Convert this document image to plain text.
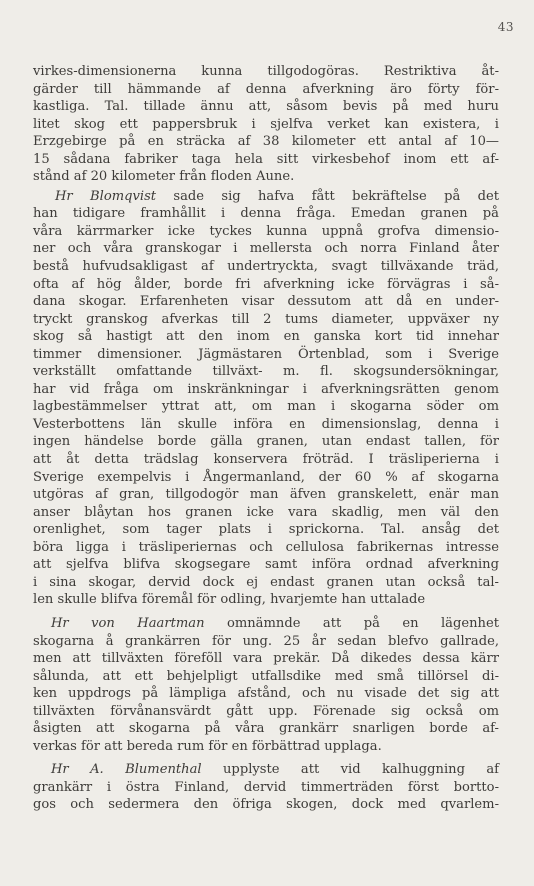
43
virkes-dimensionerna kunna tillgodogöras. Restriktiva åt-
gärder till hämmande af denna afverkning äro förty för-
kastliga. Tal. tillade ännu att, såsom bevis på med huru
litet skog ett pappersbruk i sjelfva verket kan existera, i
Erzgebirge på en sträcka af 38 kilometer ett antal af 10—
15 sådana fabriker taga hela sitt virkesbehof inom ett af-
stånd af 20 kilometer från floden Aune.
Hr Blomqvist sade sig hafva fått bekräftelse på det
han tidigare framhållit i denna fråga. Emedan granen på
våra kärrmarker icke tyckes kunna uppnå grofva dimensio-
ner och våra granskogar i mellersta och norra Finland åter
bestå hufvudsakligast af undertryckta, svagt tillväxande träd,
ofta af hög ålder, borde fri afverkning icke förvägras i så-
dana skogar. Erfarenheten visar dessutom att då en under-
tryckt granskog afverkas till 2 tums diameter, uppväxer ny
skog så hastigt att den inom en ganska kort tid innehar
timmer dimensioner. Jägmästaren Örtenblad, som i Sverige
verkställt omfattande tillväxt- m. fl. skogsundersökningar,
har vid fråga om inskränkningar i afverkningsrätten genom
lagbestämmelser yttrat att, om man i skogarna söder om
Vesterbottens län skulle införa en dimensionslag, denna i
ingen händelse borde gälla granen, utan endast tallen, för
att åt detta trädslag konservera fröträd. I träsliperierna i
Sverige exempelvis i Ångermanland, der 60 % af skogarna
utgöras af gran, tillgodogör man äfven granskelett, enär man
anser blåytan hos granen icke vara skadlig, men väl den
orenlighet, som tager plats i sprickorna. Tal. ansåg det
böra ligga i träsliperiernas och cellulosa fabrikernas intresse
att sjelfva blifva skogsegare samt införa ordnad afverkning
i sina skogar, dervid dock ej endast granen utan också tal-
len skulle blifva föremål för odling, hvarjemte han uttalade
Hr von Haartman omnämnde att på en lägenhet
skogarna å grankärren för ung. 25 år sedan blefvo gallrade,
men att tillväxten förefõll vara prekär. Då dikedes dessa kärr
sålunda, att ett behjelpligt utfallsdike med små tillörsel di-
ken uppdrogs på lämpliga afstånd, och nu visade det sig att
tillväxten förvånansvärdt gått upp. Förenade sig också om
åsigten att skogarna på våra grankärr snarligen borde af-
verkas för att bereda rum för en förbättrad upplaga.
Hr A. Blumenthal upplyste att vid kalhuggning af
grankärr i östra Finland, dervid timmerträden först borttо-
gos och sedermera den öfriga skogen, dock med qvarlem-
